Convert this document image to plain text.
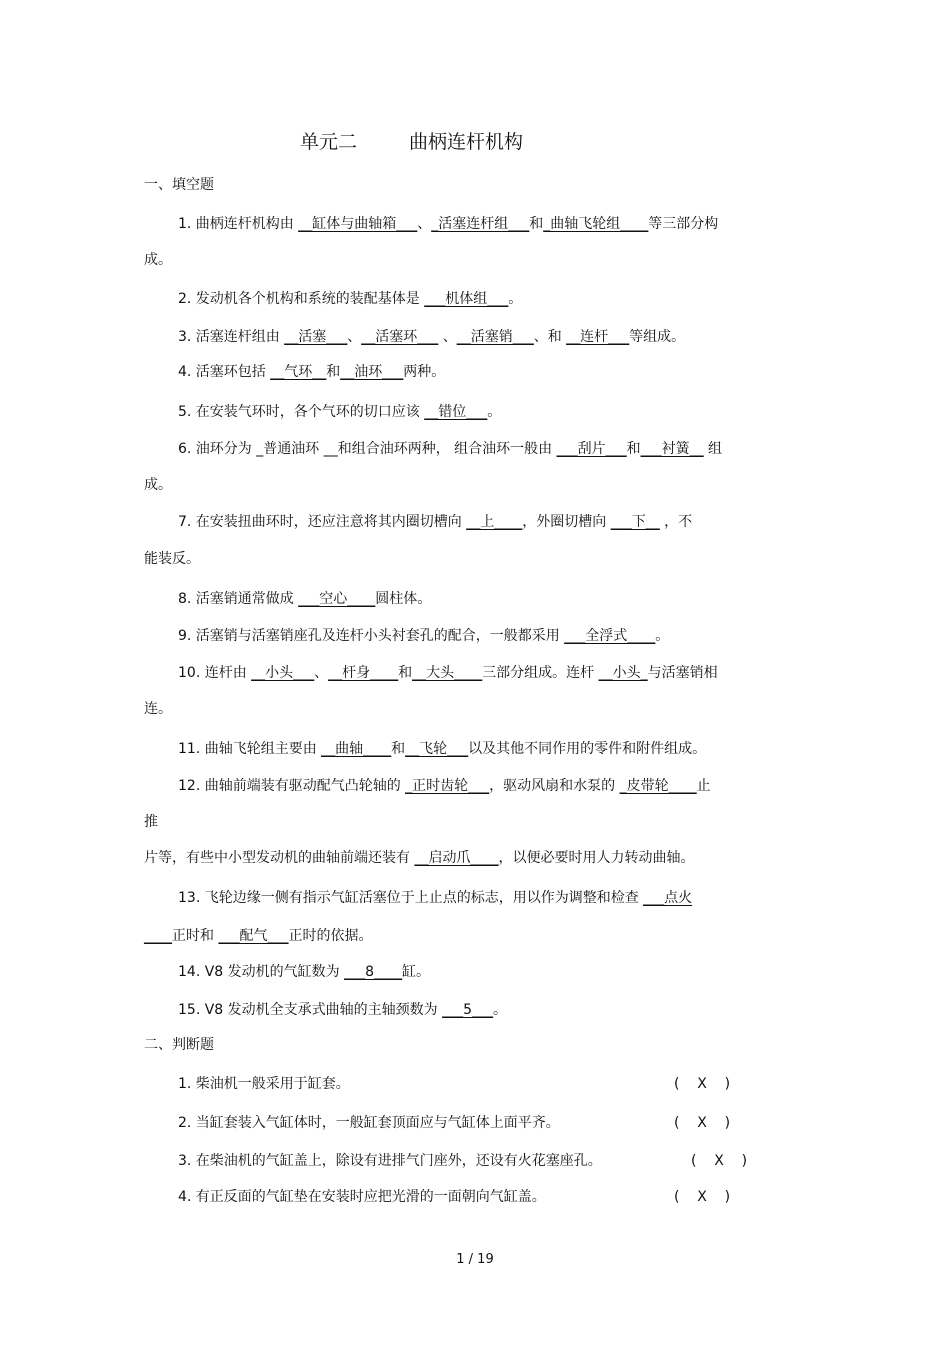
单元二	曲柄连杆机构
一、填空题
1. 曲柄连杆机构由 __缸体与曲轴箱___、_活塞连杆组___和_曲轴飞轮组____等三部分构
成。
2. 发动机各个机构和系统的装配基体是 ___机体组___。
3. 活塞连杆组由 __活塞___、__活塞环___ 、__活塞销___、和 __连杆___等组成。
4. 活塞环包括 __气环__和__油环___两种。
5. 在安装气环时，各个气环的切口应该 __错位___。
6. 油环分为 _普通油环 __和组合油环两种， 组合油环一般由 ___刮片___和___衬簧__ 组
成。
7. 在安装扭曲环时，还应注意将其内圈切槽向 __上____，外圈切槽向 ___下__ ，不
能装反。
8. 活塞销通常做成 ___空心____圆柱体。
9. 活塞销与活塞销座孔及连杆小头衬套孔的配合，一般都采用 ___全浮式____。
10. 连杆由 __小头___、__杆身____和__大头____三部分组成。连杆 __小头_与活塞销相
连。
11. 曲轴飞轮组主要由 __曲轴____和__飞轮___以及其他不同作用的零件和附件组成。
12. 曲轴前端装有驱动配气凸轮轴的 _正时齿轮___，驱动风扇和水泵的 _皮带轮____止
推
片等，有些中小型发动机的曲轴前端还装有 __启动爪____，以便必要时用人力转动曲轴。
13. 飞轮边缘一侧有指示气缸活塞位于上止点的标志，用以作为调整和检查 ___点火
____正时和 ___配气___正时的依据。
14. V8 发动机的气缸数为 ___8____缸。
15. V8 发动机全支承式曲轴的主轴颈数为 ___5___。
二、判断题
1. 柴油机一般采用于缸套。	(    X    )
2. 当缸套装入气缸体时，一般缸套顶面应与气缸体上面平齐。	(    X    )
3. 在柴油机的气缸盖上，除设有进排气门座外，还设有火花塞座孔。	(    X    )
4. 有正反面的气缸垫在安装时应把光滑的一面朝向气缸盖。	(    X    )
1 / 19
